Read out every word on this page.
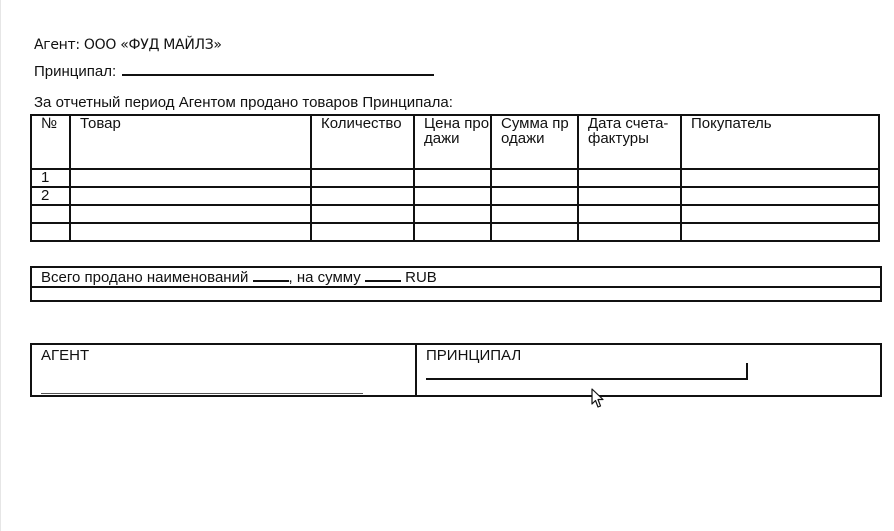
Агент: ООО «ФУД МАЙЛЗ»
Принципал:
За отчетный период Агентом продано товаров Принципала:
№	Товар	Количество	Цена продажи	Сумма продажи	Дата счета-фактуры	Покупатель
1						
2						

Всего продано наименований	, на сумму	RUB
АГЕНТ	ПРИНЦИПАЛ
